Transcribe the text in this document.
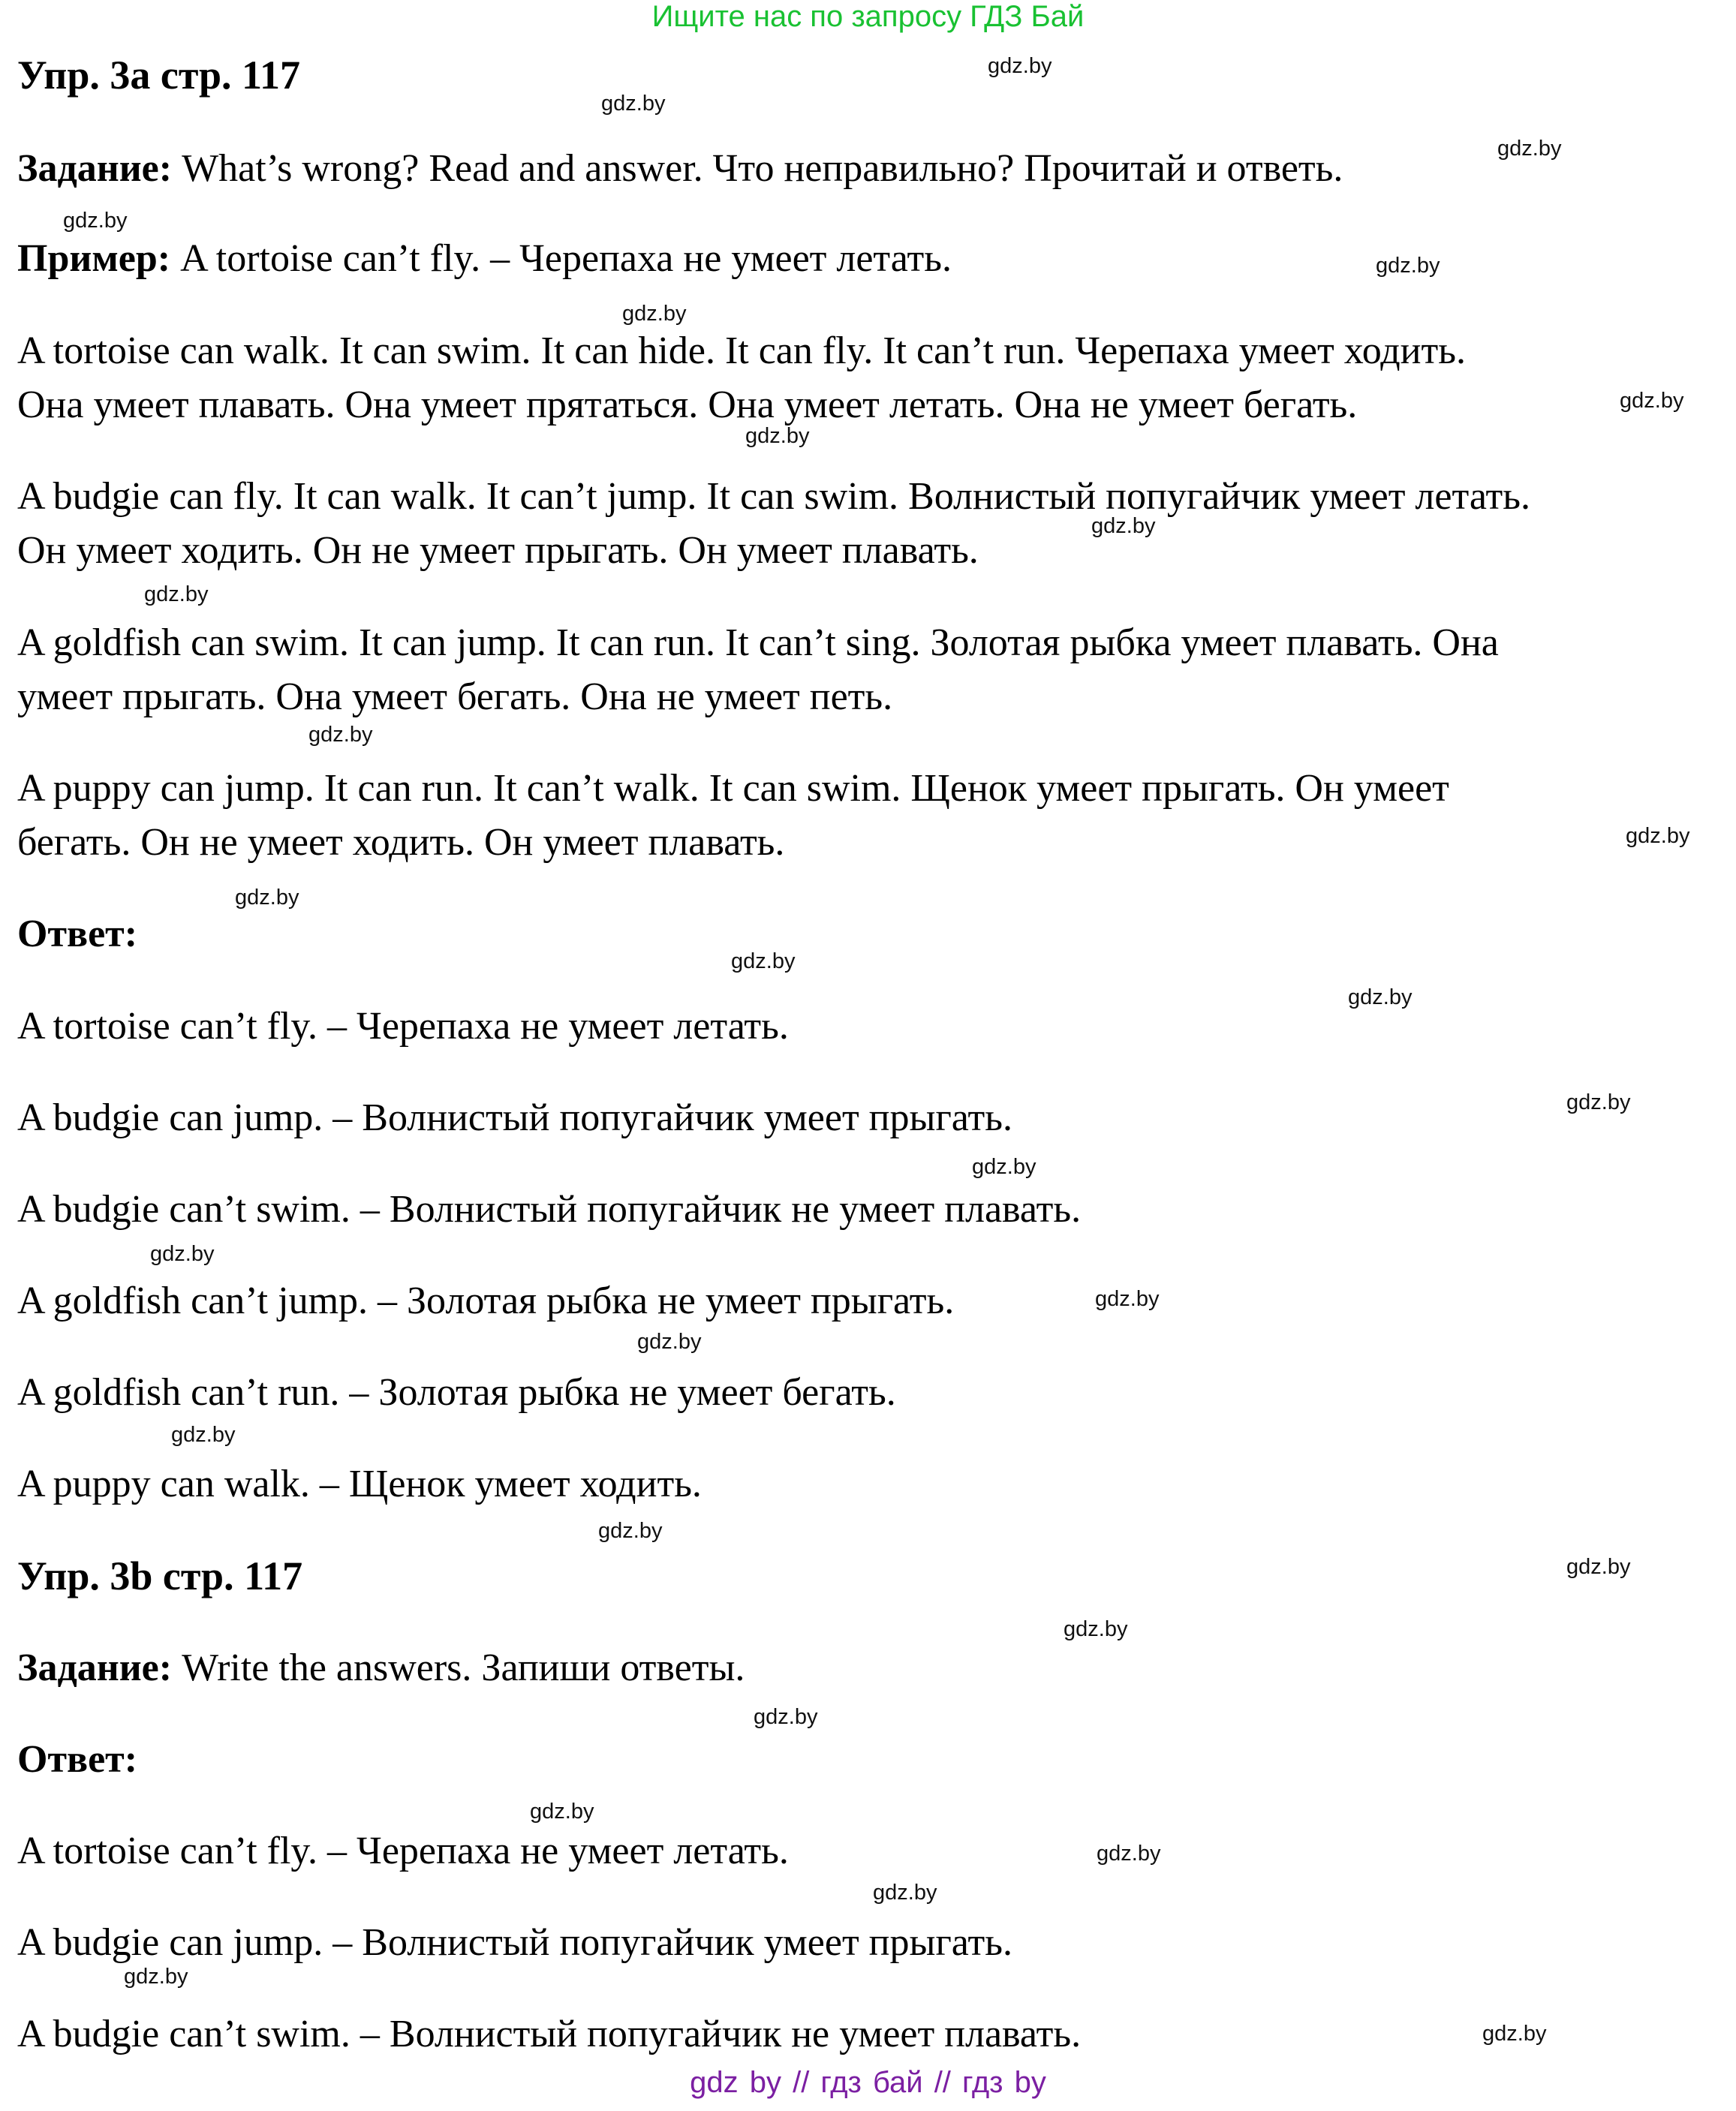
Ищите нас по запросу ГДЗ Бай
Упр. 3a стр. 117
Задание: What’s wrong? Read and answer. Что неправильно? Прочитай и ответь.
Пример: A tortoise can’t fly. – Черепаха не умеет летать.
A tortoise can walk. It can swim. It can hide. It can fly. It can’t run. Черепаха умеет ходить.
Она умеет плавать. Она умеет прятаться. Она умеет летать. Она не умеет бегать.
A budgie can fly. It can walk. It can’t jump. It can swim. Волнистый попугайчик умеет летать.
Он умеет ходить. Он не умеет прыгать. Он умеет плавать.
A goldfish can swim. It can jump. It can run. It can’t sing. Золотая рыбка умеет плавать. Она
умеет прыгать. Она умеет бегать. Она не умеет петь.
A puppy can jump. It can run. It can’t walk. It can swim. Щенок умеет прыгать. Он умеет
бегать. Он не умеет ходить. Он умеет плавать.
Ответ:
A tortoise can’t fly. – Черепаха не умеет летать.
A budgie can jump. – Волнистый попугайчик умеет прыгать.
A budgie can’t swim. – Волнистый попугайчик не умеет плавать.
A goldfish can’t jump. – Золотая рыбка не умеет прыгать.
A goldfish can’t run. – Золотая рыбка не умеет бегать.
A puppy can walk. – Щенок умеет ходить.
Упр. 3b стр. 117
Задание: Write the answers. Запиши ответы.
Ответ:
A tortoise can’t fly. – Черепаха не умеет летать.
A budgie can jump. – Волнистый попугайчик умеет прыгать.
A budgie can’t swim. – Волнистый попугайчик не умеет плавать.
gdz.by
gdz.by
gdz.by
gdz.by
gdz.by
gdz.by
gdz.by
gdz.by
gdz.by
gdz.by
gdz.by
gdz.by
gdz.by
gdz.by
gdz.by
gdz.by
gdz.by
gdz.by
gdz.by
gdz.by
gdz.by
gdz.by
gdz.by
gdz.by
gdz.by
gdz.by
gdz.by
gdz.by
gdz.by
gdz.by
gdz by // гдз бай // гдз by
